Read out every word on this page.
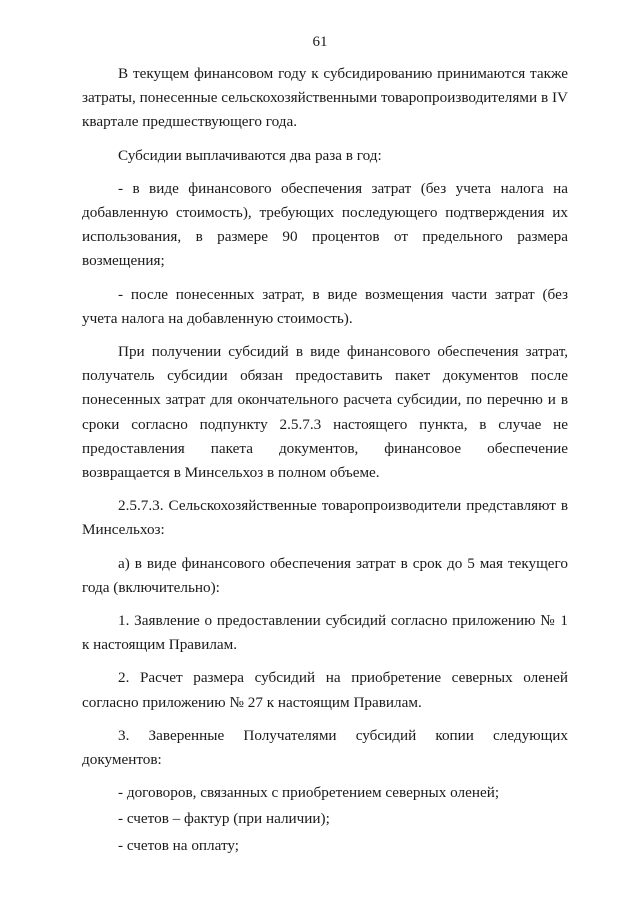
61

В текущем финансовом году к субсидированию принимаются также затраты, понесенные сельскохозяйственными товаропроизводителями в IV квартале предшествующего года.

Субсидии выплачиваются два раза в год:

- в виде финансового обеспечения затрат (без учета налога на добавленную стоимость), требующих последующего подтверждения их использования, в размере 90 процентов от предельного размера возмещения;

- после понесенных затрат, в виде возмещения части затрат (без учета налога на добавленную стоимость).

При получении субсидий в виде финансового обеспечения затрат, получатель субсидии обязан предоставить пакет документов после понесенных затрат для окончательного расчета субсидии, по перечню и в сроки согласно подпункту 2.5.7.3 настоящего пункта, в случае не предоставления пакета документов, финансовое обеспечение возвращается в Минсельхоз в полном объеме.

2.5.7.3. Сельскохозяйственные товаропроизводители представляют в Минсельхоз:

а) в виде финансового обеспечения затрат в срок до 5 мая текущего года (включительно):

1. Заявление о предоставлении субсидий согласно приложению № 1 к настоящим Правилам.

2. Расчет размера субсидий на приобретение северных оленей согласно приложению № 27 к настоящим Правилам.

3. Заверенные Получателями субсидий копии следующих документов:

- договоров, связанных с приобретением северных оленей;

- счетов – фактур (при наличии);

- счетов на оплату;
